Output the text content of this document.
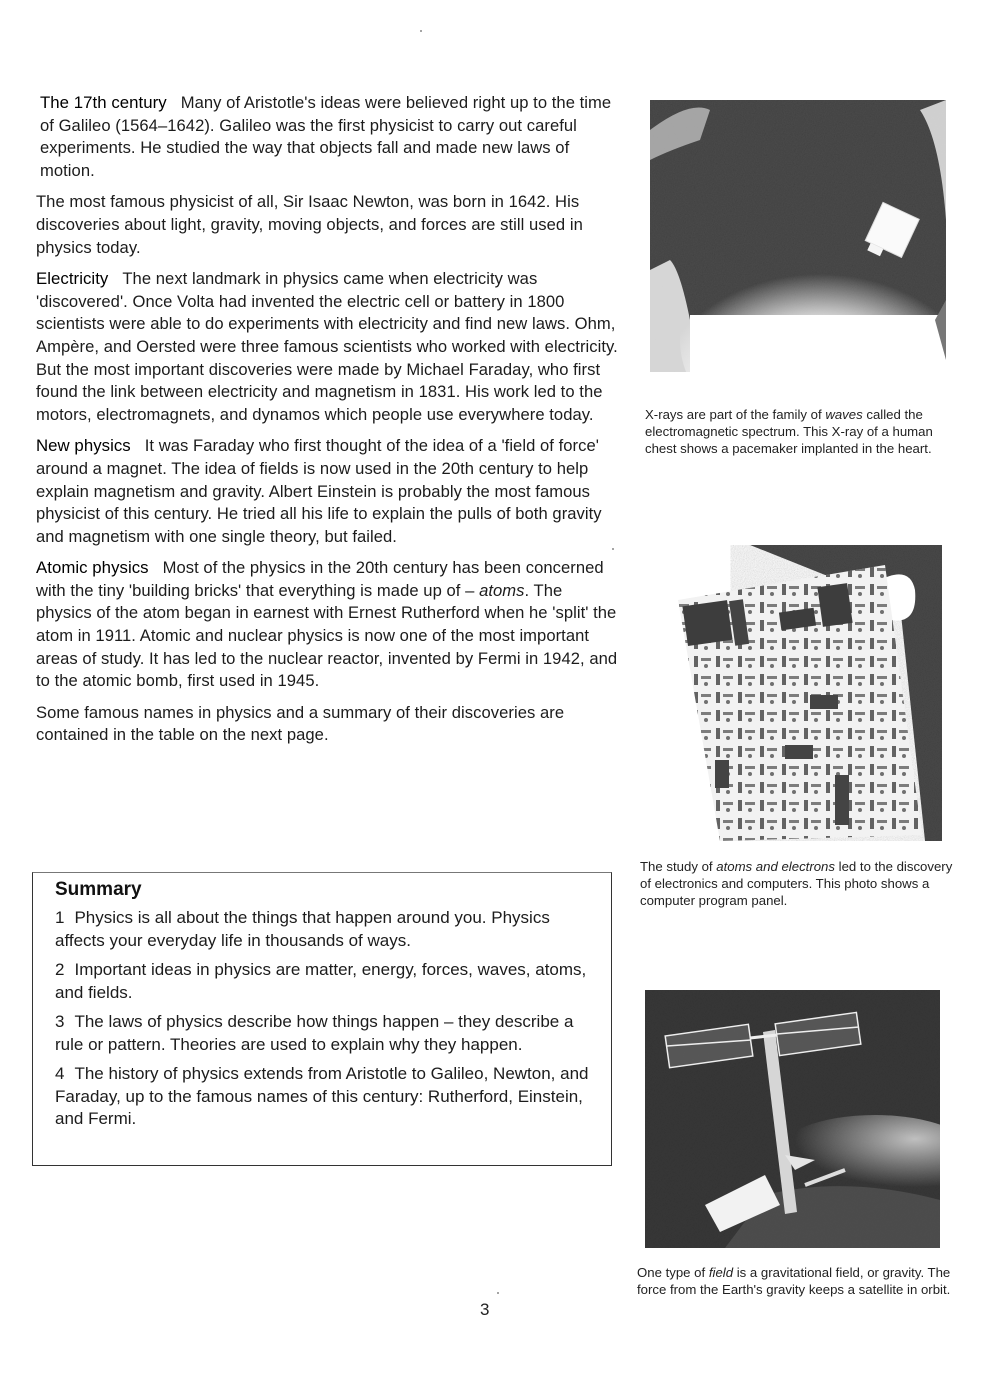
The 17th century Many of Aristotle's ideas were believed right up to the time of Galileo (1564–1642). Galileo was the first physicist to carry out careful experiments. He studied the way that objects fall and made new laws of motion.

The most famous physicist of all, Sir Isaac Newton, was born in 1642. His discoveries about light, gravity, moving objects, and forces are still used in physics today.

Electricity The next landmark in physics came when electricity was 'discovered'. Once Volta had invented the electric cell or battery in 1800 scientists were able to do experiments with electricity and find new laws. Ohm, Ampère, and Oersted were three famous scientists who worked with electricity. But the most important discoveries were made by Michael Faraday, who first found the link between electricity and magnetism in 1831. His work led to the motors, electromagnets, and dynamos which people use everywhere today.

New physics It was Faraday who first thought of the idea of a 'field of force' around a magnet. The idea of fields is now used in the 20th century to help explain magnetism and gravity. Albert Einstein is probably the most famous physicist of this century. He tried all his life to explain the pulls of both gravity and magnetism with one single theory, but failed.

Atomic physics Most of the physics in the 20th century has been concerned with the tiny 'building bricks' that everything is made up of – atoms. The physics of the atom began in earnest with Ernest Rutherford when he 'split' the atom in 1911. Atomic and nuclear physics is now one of the most important areas of study. It has led to the nuclear reactor, invented by Fermi in 1942, and to the atomic bomb, first used in 1945.

Some famous names in physics and a summary of their discoveries are contained in the table on the next page.

Summary

1 Physics is all about the things that happen around you. Physics affects your everyday life in thousands of ways.

2 Important ideas in physics are matter, energy, forces, waves, atoms, and fields.

3 The laws of physics describe how things happen – they describe a rule or pattern. Theories are used to explain why they happen.

4 The history of physics extends from Aristotle to Galileo, Newton, and Faraday, up to the famous names of this century: Rutherford, Einstein, and Fermi.

X-rays are part of the family of waves called the electromagnetic spectrum. This X-ray of a human chest shows a pacemaker implanted in the heart.
The study of atoms and electrons led to the discovery of electronics and computers. This photo shows a computer program panel.
One type of field is a gravitational field, or gravity. The force from the Earth's gravity keeps a satellite in orbit.
3
